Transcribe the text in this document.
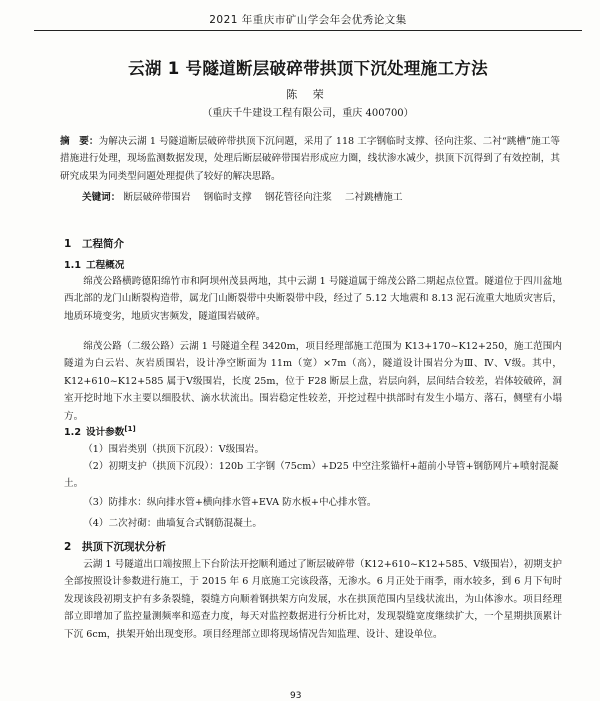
2021 年重庆市矿山学会年会优秀论文集
云湖 1 号隧道断层破碎带拱顶下沉处理施工方法
陈 荣
（重庆千牛建设工程有限公司，重庆 400700）
摘　要：为解决云湖 1 号隧道断层破碎带拱顶下沉问题，采用了 118 工字钢临时支撑、径向注浆、二衬“跳槽”施工等措施进行处理，现场监测数据发现，处理后断层破碎带围岩形成应力圈，线状渗水减少，拱顶下沉得到了有效控制，其研究成果为同类型问题处理提供了较好的解决思路。
关键词： 断层破碎带围岩 钢临时支撑 钢花管径向注浆 二衬跳槽施工
1 工程简介
1.1 工程概况

绵茂公路横跨德阳绵竹市和阿坝州茂县两地，其中云湖 1 号隧道属于绵茂公路二期起点位置。隧道位于四川盆地西北部的龙门山断裂构造带，属龙门山断裂带中央断裂带中段，经过了 5.12 大地震和 8.13 泥石流重大地质灾害后，地质环境变劣，地质灾害频发，隧道围岩破碎。

绵茂公路（二级公路）云湖 1 号隧道全程 3420m，项目经理部施工范围为 K13+170~K12+250，施工范围内隧道为白云岩、灰岩质围岩，设计净空断面为 11m（宽）×7m（高），隧道设计围岩分为Ⅲ、Ⅳ、Ⅴ级。其中，K12+610~K12+585 属于Ⅴ级围岩，长度 25m，位于 F28 断层上盘，岩层向斜，层间结合较差，岩体较破碎，洞室开挖时地下水主要以细股状、滴水状流出。围岩稳定性较差，开挖过程中拱部时有发生小塌方、落石，侧壁有小塌方。

1.2 设计参数[1]

（1）围岩类别（拱顶下沉段）：Ⅴ级围岩。

（2）初期支护（拱顶下沉段）：120b 工字钢（75cm）+D25 中空注浆锚杆+超前小导管+钢筋网片+喷射混凝土。

（3）防排水：纵向排水管+横向排水管+EVA 防水板+中心排水管。

（4）二次衬砌：曲墙复合式钢筋混凝土。

2 拱顶下沉现状分析

云湖 1 号隧道出口端按照上下台阶法开挖顺利通过了断层破碎带（K12+610~K12+585、Ⅴ级围岩），初期支护全部按照设计参数进行施工，于 2015 年 6 月底施工完该段落，无渗水。6 月正处于雨季，雨水较多，到 6 月下旬时发现该段初期支护有多条裂缝，裂缝方向顺着钢拱架方向发展，水在拱顶范围内呈线状流出，为山体渗水。项目经理部立即增加了监控量测频率和巡查力度，每天对监控数据进行分析比对，发现裂缝宽度继续扩大，一个星期拱顶累计下沉 6cm，拱架开始出现变形。项目经理部立即将现场情况告知监理、设计、建设单位。

93
